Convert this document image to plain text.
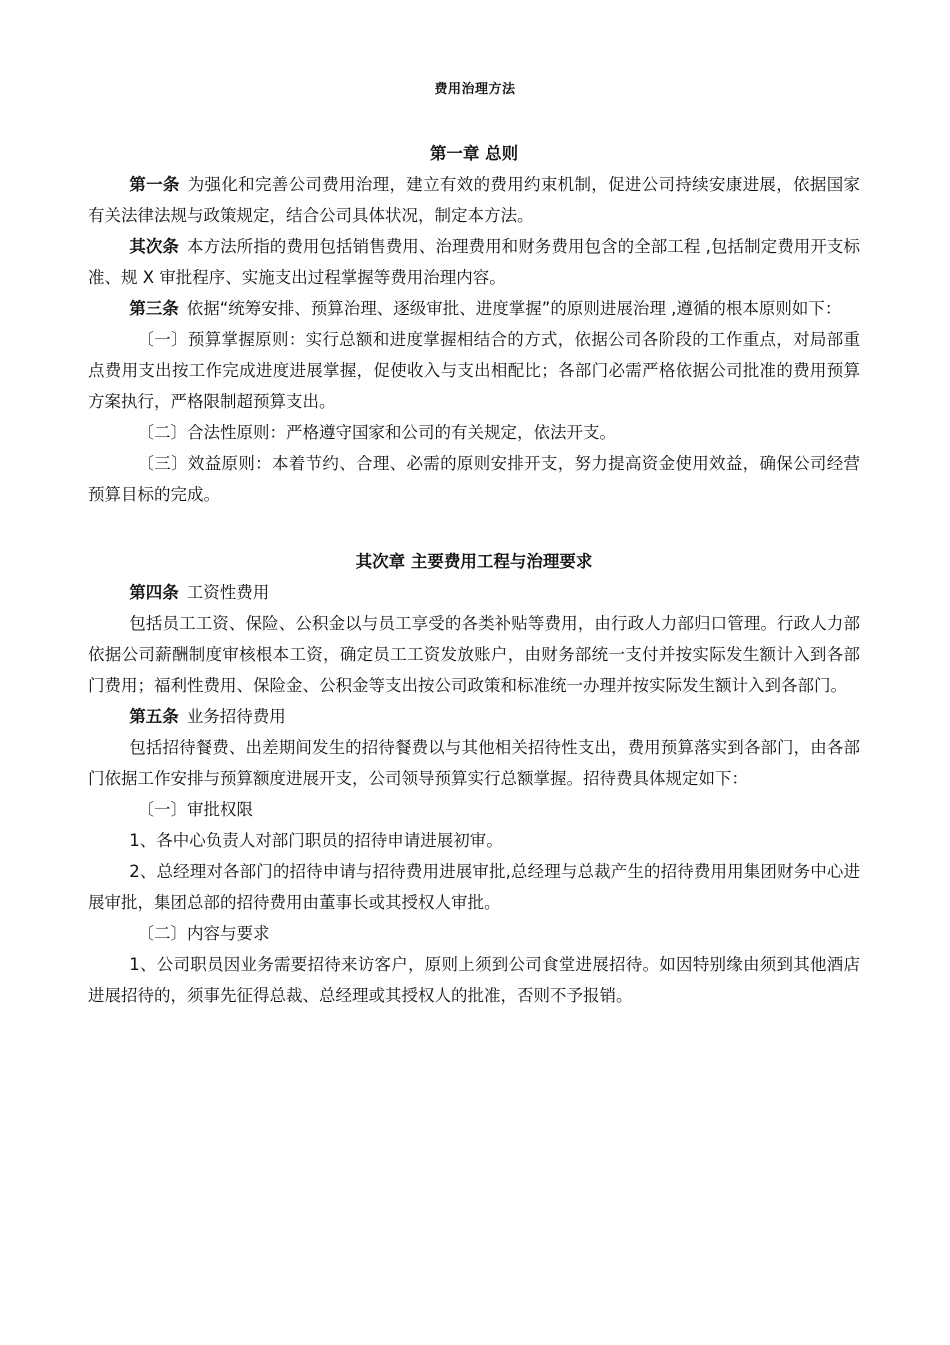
费用治理方法
第一章 总则

第一条 为强化和完善公司费用治理，建立有效的费用约束机制，促进公司持续安康进展，依据国家有关法律法规与政策规定，结合公司具体状况，制定本方法。

其次条 本方法所指的费用包括销售费用、治理费用和财务费用包含的全部工程 ,包括制定费用开支标准、规 X 审批程序、实施支出过程掌握等费用治理内容。

第三条 依据“统筹安排、预算治理、逐级审批、进度掌握”的原则进展治理 ,遵循的根本原则如下：

〔一〕预算掌握原则：实行总额和进度掌握相结合的方式，依据公司各阶段的工作重点，对局部重点费用支出按工作完成进度进展掌握，促使收入与支出相配比；各部门必需严格依据公司批准的费用预算方案执行，严格限制超预算支出。

〔二〕合法性原则：严格遵守国家和公司的有关规定，依法开支。

〔三〕效益原则：本着节约、合理、必需的原则安排开支，努力提高资金使用效益，确保公司经营预算目标的完成。

其次章 主要费用工程与治理要求

第四条 工资性费用

包括员工工资、保险、公积金以与员工享受的各类补贴等费用，由行政人力部归口管理。行政人力部依据公司薪酬制度审核根本工资，确定员工工资发放账户，由财务部统一支付并按实际发生额计入到各部门费用；福利性费用、保险金、公积金等支出按公司政策和标准统一办理并按实际发生额计入到各部门。

第五条 业务招待费用

包括招待餐费、出差期间发生的招待餐费以与其他相关招待性支出，费用预算落实到各部门，由各部门依据工作安排与预算额度进展开支，公司领导预算实行总额掌握。招待费具体规定如下：

〔一〕审批权限

1、各中心负责人对部门职员的招待申请进展初审。

2、总经理对各部门的招待申请与招待费用进展审批,总经理与总裁产生的招待费用用集团财务中心进展审批，集团总部的招待费用由董事长或其授权人审批。

〔二〕内容与要求

1、公司职员因业务需要招待来访客户，原则上须到公司食堂进展招待。如因特别缘由须到其他酒店进展招待的，须事先征得总裁、总经理或其授权人的批准，否则不予报销。
